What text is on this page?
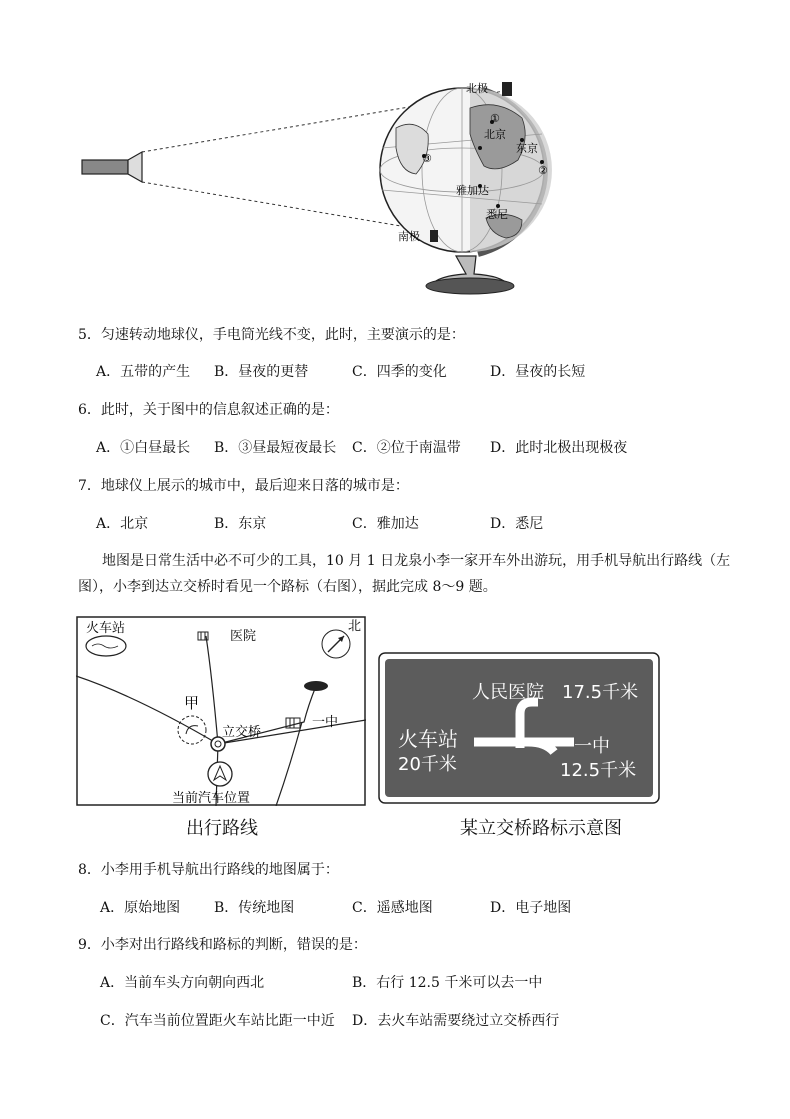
北极
南极
①
北京
东京
②
③
雅加达
悉尼
5．匀速转动地球仪，手电筒光线不变，此时，主要演示的是：
A．五带的产生 B．昼夜的更替	C．四季的变化	D．昼夜的长短
6．此时，关于图中的信息叙述正确的是：
A．①白昼最长 B．③昼最短夜最长 C．②位于南温带 D．此时北极出现极夜
7．地球仪上展示的城市中，最后迎来日落的城市是：
A．北京	B．东京	C．雅加达	D．悉尼
地图是日常生活中必不可少的工具，10 月 1 日龙泉小李一家开车外出游玩，用手机导航出行路线（左
图），小李到达立交桥时看见一个路标（右图），据此完成 8～9 题。
火车站
医院
北
甲
立交桥
一中
当前汽车位置
出行路线
人民医院　17.5千米
火车站
20千米
一中
12.5千米
某立交桥路标示意图
8．小李用手机导航出行路线的地图属于：
A．原始地图 B．传统地图	C．遥感地图	D．电子地图
9．小李对出行路线和路标的判断，错误的是：
A．当前车头方向朝向西北	B．右行 12.5 千米可以去一中
C．汽车当前位置距火车站比距一中近 D．去火车站需要绕过立交桥西行
